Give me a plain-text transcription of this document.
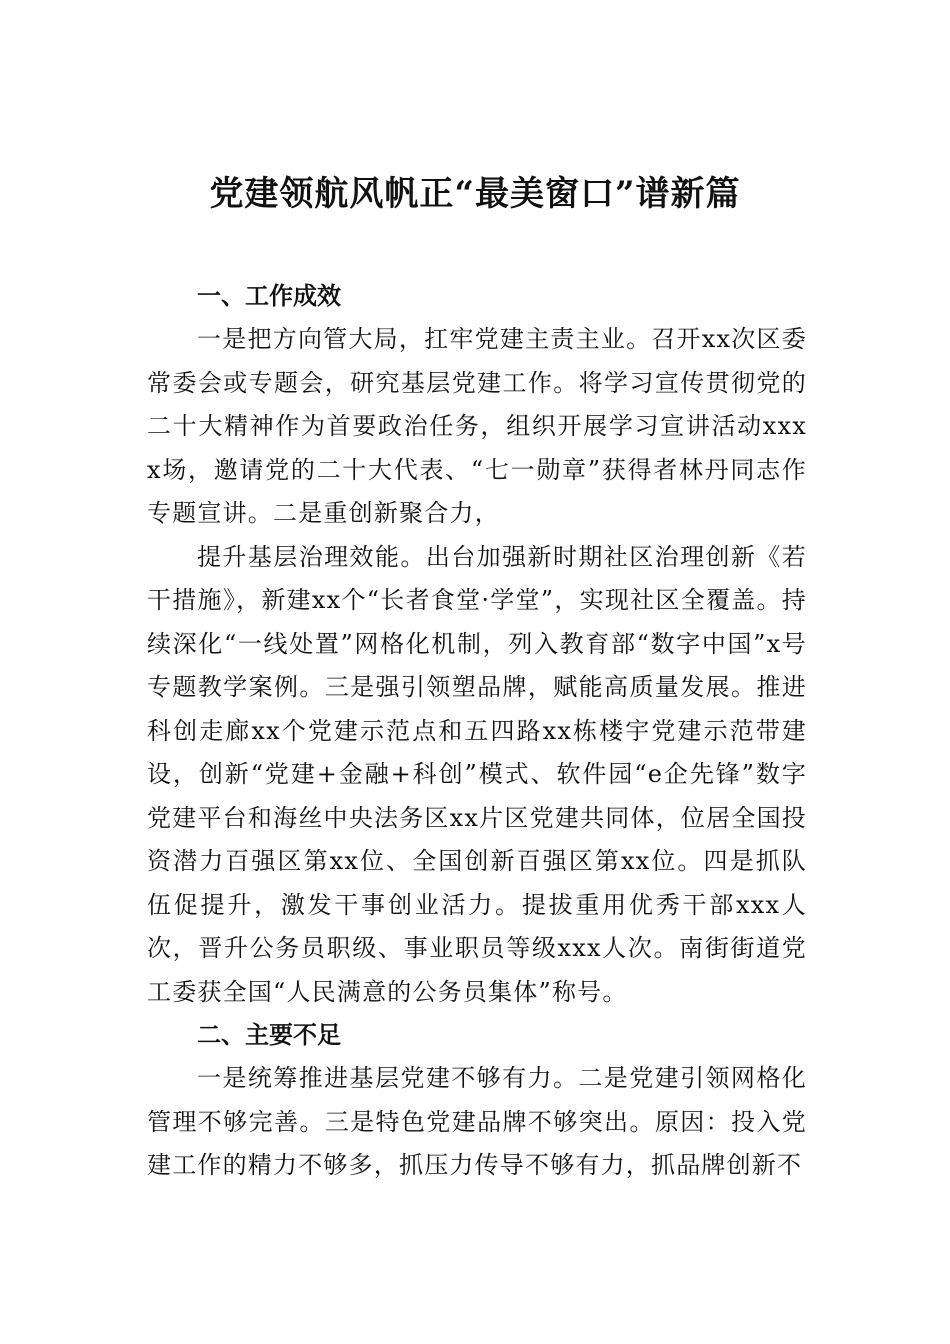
党建领航风帆正“最美窗口”谱新篇

一、工作成效

一是把方向管大局，扛牢党建主责主业。召开xx次区委常委会或专题会，研究基层党建工作。将学习宣传贯彻党的二十大精神作为首要政治任务，组织开展学习宣讲活动xxxx场，邀请党的二十大代表、“七一勋章”获得者林丹同志作专题宣讲。二是重创新聚合力，

提升基层治理效能。出台加强新时期社区治理创新《若干措施》，新建xx个“长者食堂·学堂”，实现社区全覆盖。持续深化“一线处置”网格化机制，列入教育部“数字中国”x号专题教学案例。三是强引领塑品牌，赋能高质量发展。推进科创走廊xx个党建示范点和五四路xx栋楼宇党建示范带建设，创新“党建+金融+科创”模式、软件园“e企先锋”数字党建平台和海丝中央法务区xx片区党建共同体，位居全国投资潜力百强区第xx位、全国创新百强区第xx位。四是抓队伍促提升，激发干事创业活力。提拔重用优秀干部xxx人次，晋升公务员职级、事业职员等级xxx人次。南街街道党工委获全国“人民满意的公务员集体”称号。

二、主要不足

一是统筹推进基层党建不够有力。二是党建引领网格化管理不够完善。三是特色党建品牌不够突出。原因：投入党建工作的精力不够多，抓压力传导不够有力，抓品牌创新不
